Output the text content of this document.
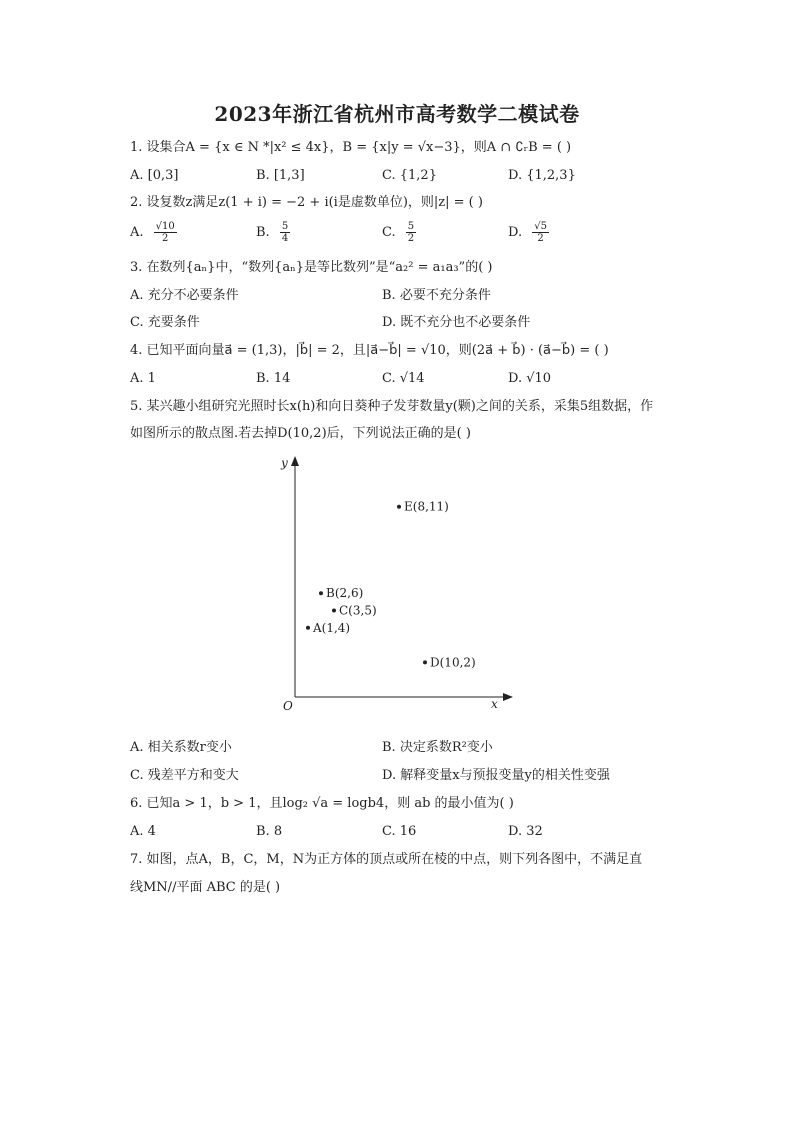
2023年浙江省杭州市高考数学二模试卷
1. 设集合A = {x ∈ N *|x² ≤ 4x}，B = {x|y = √x−3}，则A ∩ ∁ᵣB = ( )
A. [0,3]	B. [1,3]	C. {1,2}	D. {1,2,3}
2. 设复数z满足z(1 + i) = −2 + i(i是虚数单位)，则|z| = ( )
A. $\frac{√10}{2}$	B. $\frac{5}{4}$	C. $\frac{5}{2}$	D. $\frac{√5}{2}$
3. 在数列{aₙ}中，“数列{aₙ}是等比数列”是“a₂² = a₁a₃”的( )
A. 充分不必要条件	B. 必要不充分条件
C. 充要条件	D. 既不充分也不必要条件
4. 已知平面向量a⃗ = (1,3)，|b⃗| = 2，且|a⃗−b⃗| = √10，则(2a⃗ + b⃗) · (a⃗−b⃗) = ( )
A. 1	B. 14	C. √14	D. √10
5. 某兴趣小组研究光照时长x(h)和向日葵种子发芽数量y(颗)之间的关系，采集5组数据，作
如图所示的散点图.若去掉D(10,2)后，下列说法正确的是( )
y
x
O
A(1,4)
B(2,6)
C(3,5)
D(10,2)
E(8,11)
A. 相关系数r变小	B. 决定系数R²变小
C. 残差平方和变大	D. 解释变量x与预报变量y的相关性变强
6. 已知a > 1，b > 1，且log₂ √a = logb4，则 ab 的最小值为( )
A. 4	B. 8	C. 16	D. 32
7. 如图，点A，B，C，M，N为正方体的顶点或所在棱的中点，则下列各图中，不满足直
线MN//平面 ABC 的是( )
